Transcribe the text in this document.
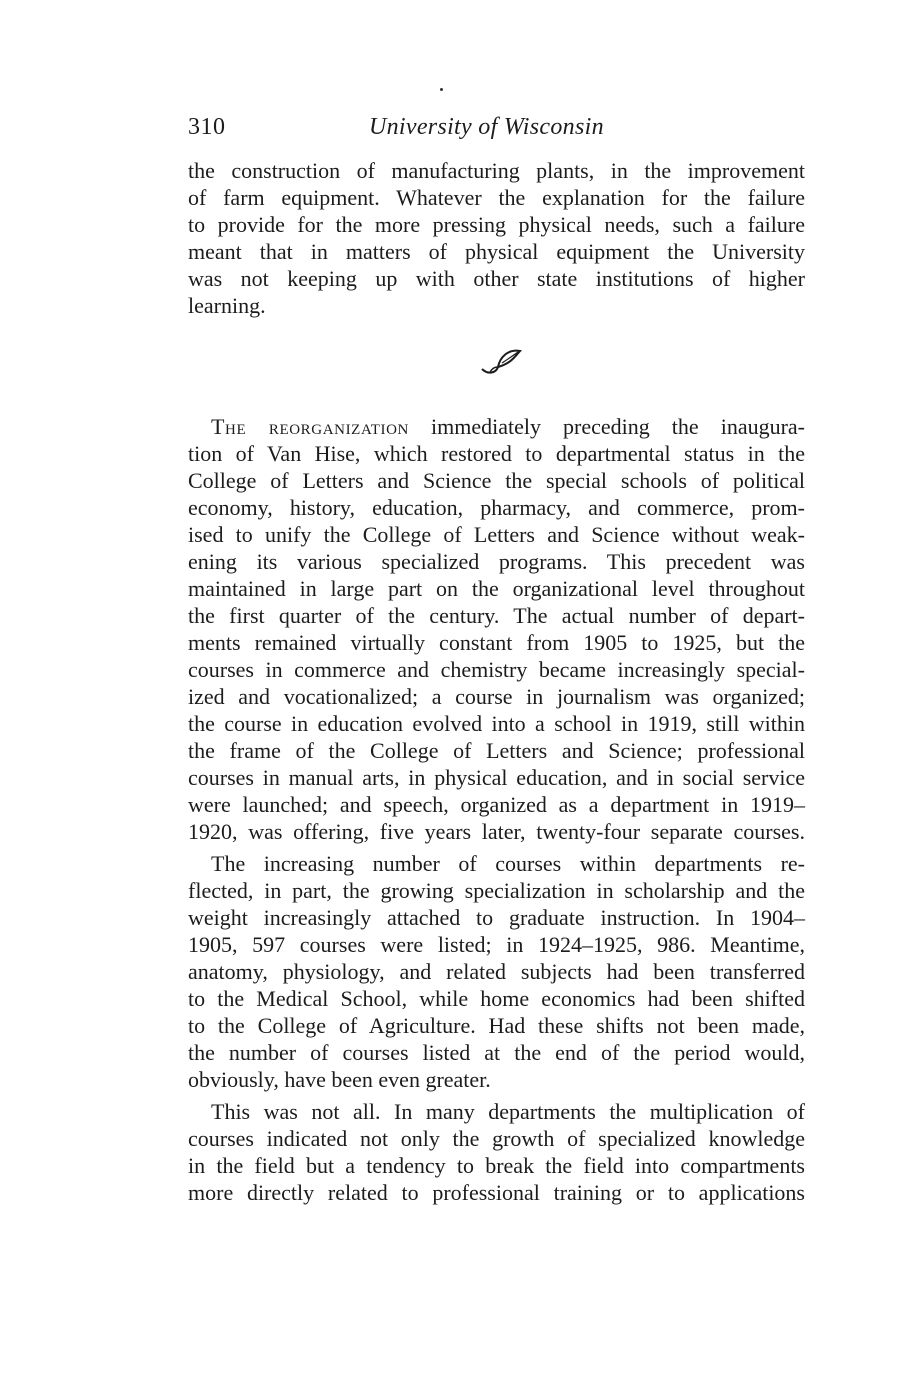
310	University of Wisconsin
the construction of manufacturing plants, in the improvement
of farm equipment. Whatever the explanation for the failure
to provide for the more pressing physical needs, such a failure
meant that in matters of physical equipment the University
was not keeping up with other state institutions of higher
learning.
The reorganization immediately preceding the inaugura-
tion of Van Hise, which restored to departmental status in the
College of Letters and Science the special schools of political
economy, history, education, pharmacy, and commerce, prom-
ised to unify the College of Letters and Science without weak-
ening its various specialized programs. This precedent was
maintained in large part on the organizational level throughout
the first quarter of the century. The actual number of depart-
ments remained virtually constant from 1905 to 1925, but the
courses in commerce and chemistry became increasingly special-
ized and vocationalized; a course in journalism was organized;
the course in education evolved into a school in 1919, still within
the frame of the College of Letters and Science; professional
courses in manual arts, in physical education, and in social service
were launched; and speech, organized as a department in 1919–
1920, was offering, five years later, twenty-four separate courses.
The increasing number of courses within departments re-
flected, in part, the growing specialization in scholarship and the
weight increasingly attached to graduate instruction. In 1904–
1905, 597 courses were listed; in 1924–1925, 986. Meantime,
anatomy, physiology, and related subjects had been transferred
to the Medical School, while home economics had been shifted
to the College of Agriculture. Had these shifts not been made,
the number of courses listed at the end of the period would,
obviously, have been even greater.
This was not all. In many departments the multiplication of
courses indicated not only the growth of specialized knowledge
in the field but a tendency to break the field into compartments
more directly related to professional training or to applications
